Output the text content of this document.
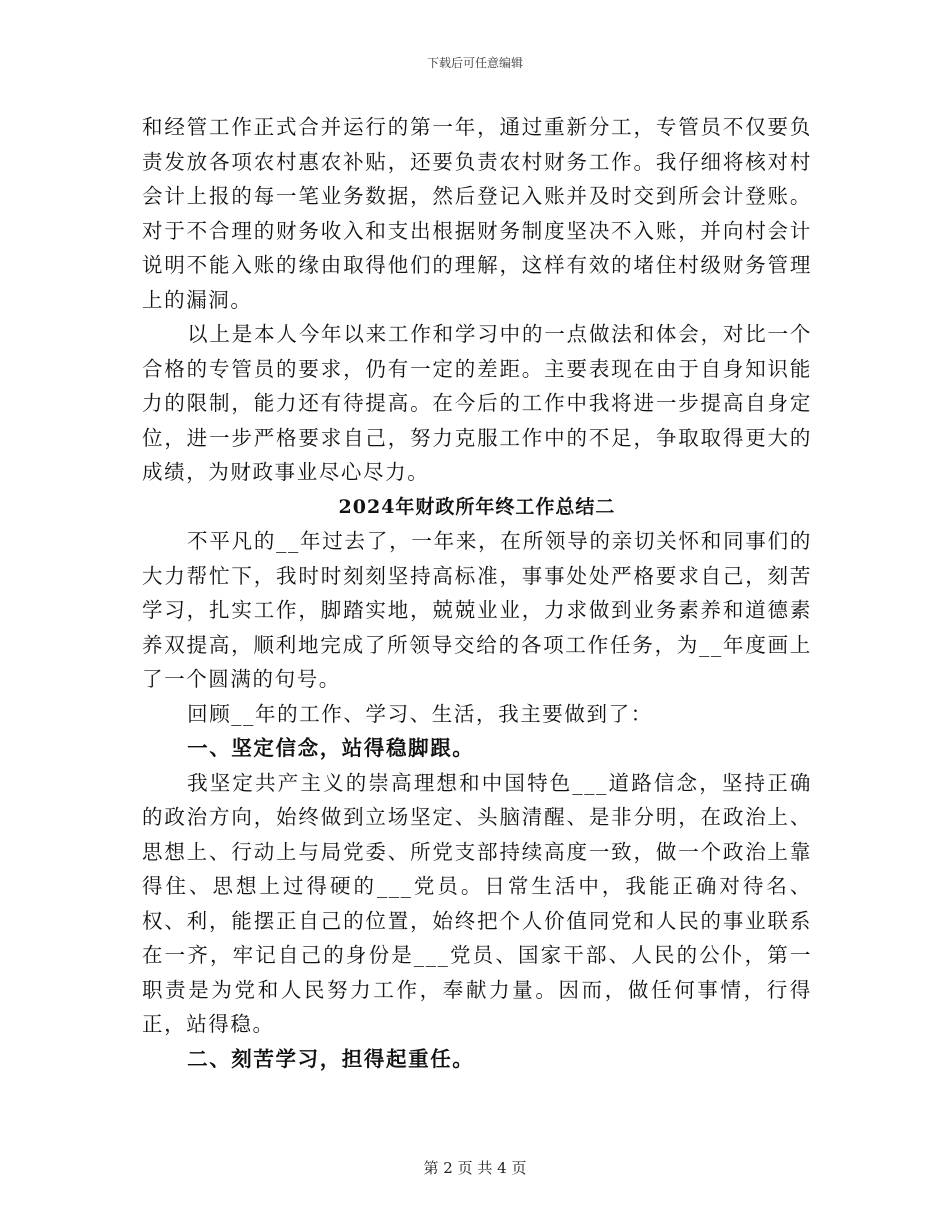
下载后可任意编辑

和经管工作正式合并运行的第一年，通过重新分工，专管员不仅要负责发放各项农村惠农补贴，还要负责农村财务工作。我仔细将核对村会计上报的每一笔业务数据，然后登记入账并及时交到所会计登账。对于不合理的财务收入和支出根据财务制度坚决不入账，并向村会计说明不能入账的缘由取得他们的理解，这样有效的堵住村级财务管理上的漏洞。

以上是本人今年以来工作和学习中的一点做法和体会，对比一个合格的专管员的要求，仍有一定的差距。主要表现在由于自身知识能力的限制，能力还有待提高。在今后的工作中我将进一步提高自身定位，进一步严格要求自己，努力克服工作中的不足，争取取得更大的成绩，为财政事业尽心尽力。

2024年财政所年终工作总结二

不平凡的__年过去了，一年来，在所领导的亲切关怀和同事们的大力帮忙下，我时时刻刻坚持高标准，事事处处严格要求自己，刻苦学习，扎实工作，脚踏实地，兢兢业业，力求做到业务素养和道德素养双提高，顺利地完成了所领导交给的各项工作任务，为__年度画上了一个圆满的句号。

回顾__年的工作、学习、生活，我主要做到了：

一、坚定信念，站得稳脚跟。

我坚定共产主义的崇高理想和中国特色___道路信念，坚持正确的政治方向，始终做到立场坚定、头脑清醒、是非分明，在政治上、思想上、行动上与局党委、所党支部持续高度一致，做一个政治上靠得住、思想上过得硬的___党员。日常生活中，我能正确对待名、权、利，能摆正自己的位置，始终把个人价值同党和人民的事业联系在一齐，牢记自己的身份是___党员、国家干部、人民的公仆，第一职责是为党和人民努力工作，奉献力量。因而，做任何事情，行得正，站得稳。

二、刻苦学习，担得起重任。

第 2 页 共 4 页
